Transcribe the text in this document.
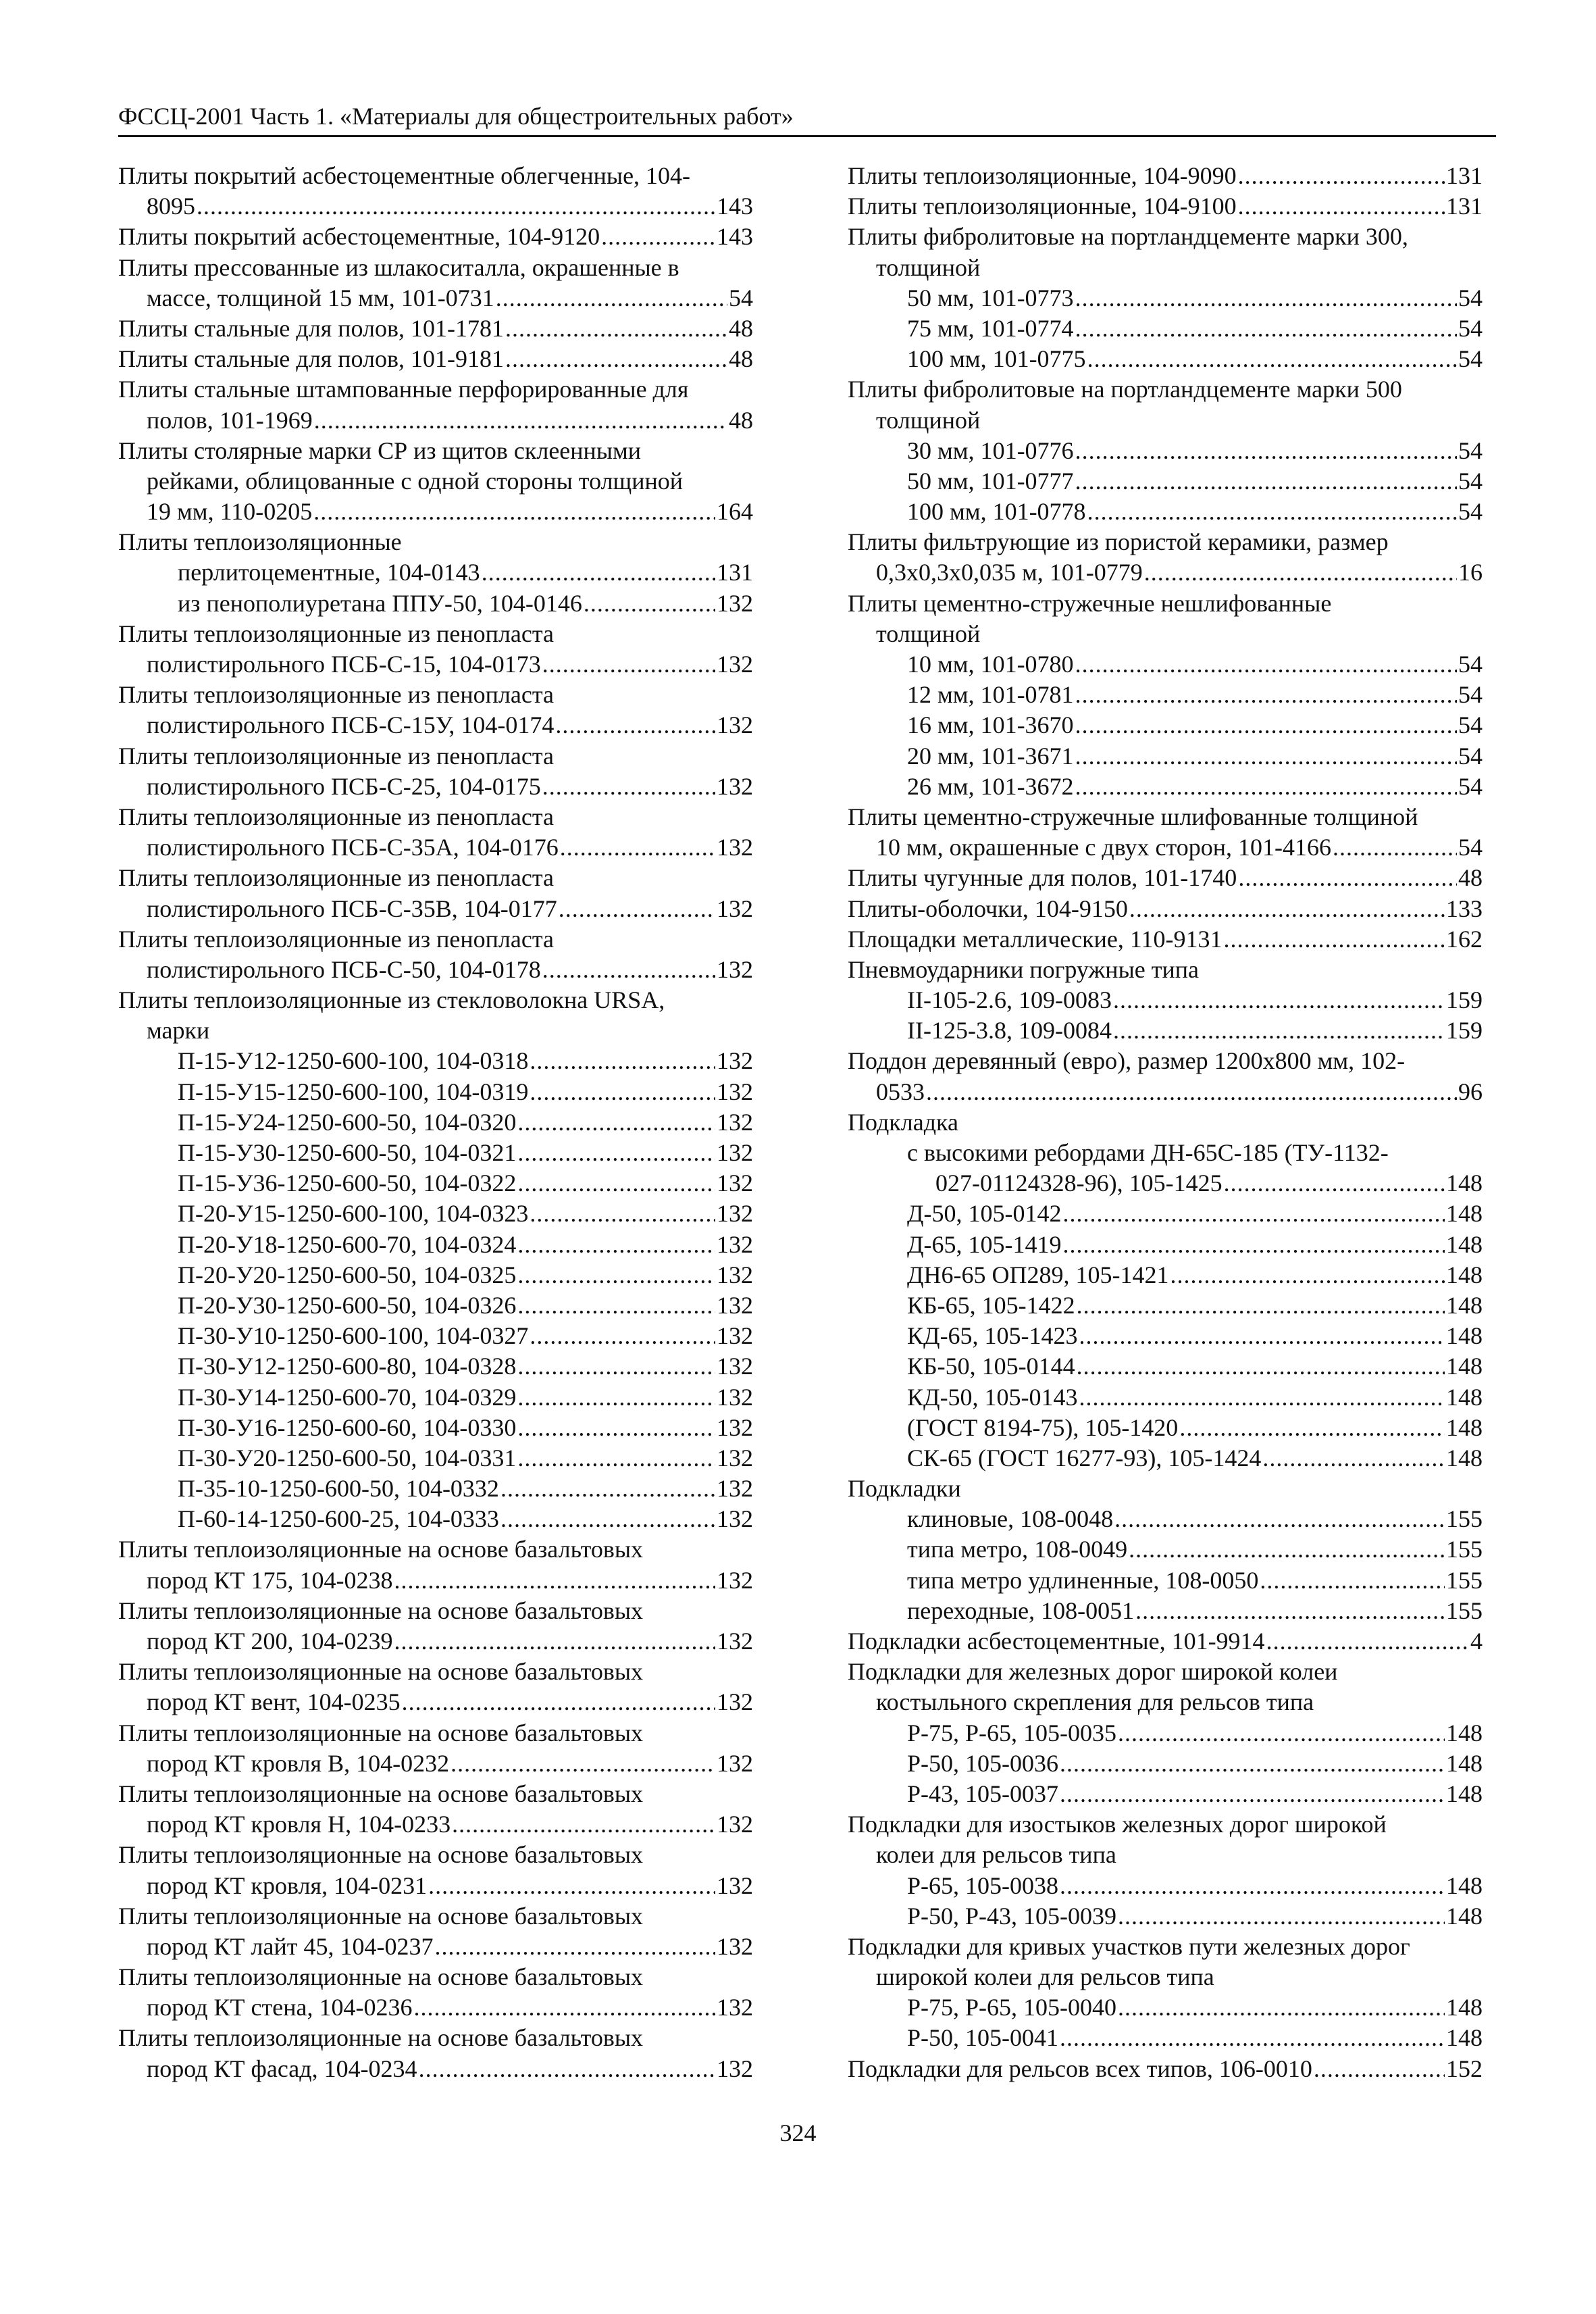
ФССЦ-2001 Часть 1. «Материалы для общестроительных работ»
Плиты покрытий асбестоцементные облегченные, 104-
8095 .....	143
Плиты покрытий асбестоцементные, 104-9120 .....	143
Плиты прессованные из шлакоситалла, окрашенные в
массе, толщиной 15 мм, 101-0731 .....	54
Плиты стальные для полов, 101-1781 .....	48
Плиты стальные для полов, 101-9181 .....	48
Плиты стальные штампованные перфорированные для
полов, 101-1969 .....	48
Плиты столярные марки СР из щитов склеенными
рейками, облицованные с одной стороны толщиной
19 мм, 110-0205 .....	164
Плиты теплоизоляционные
перлитоцементные, 104-0143 .....	131
из пенополиуретана ППУ-50, 104-0146 .....	132
Плиты теплоизоляционные из пенопласта
полистирольного ПСБ-С-15, 104-0173 .....	132
Плиты теплоизоляционные из пенопласта
полистирольного ПСБ-С-15У, 104-0174 .....	132
Плиты теплоизоляционные из пенопласта
полистирольного ПСБ-С-25, 104-0175 .....	132
Плиты теплоизоляционные из пенопласта
полистирольного ПСБ-С-35А, 104-0176 .....	132
Плиты теплоизоляционные из пенопласта
полистирольного ПСБ-С-35В, 104-0177 .....	132
Плиты теплоизоляционные из пенопласта
полистирольного ПСБ-С-50, 104-0178 .....	132
Плиты теплоизоляционные из стекловолокна URSA,
марки
П-15-У12-1250-600-100, 104-0318 .....	132
П-15-У15-1250-600-100, 104-0319 .....	132
П-15-У24-1250-600-50, 104-0320 .....	132
П-15-У30-1250-600-50, 104-0321 .....	132
П-15-У36-1250-600-50, 104-0322 .....	132
П-20-У15-1250-600-100, 104-0323 .....	132
П-20-У18-1250-600-70, 104-0324 .....	132
П-20-У20-1250-600-50, 104-0325 .....	132
П-20-У30-1250-600-50, 104-0326 .....	132
П-30-У10-1250-600-100, 104-0327 .....	132
П-30-У12-1250-600-80, 104-0328 .....	132
П-30-У14-1250-600-70, 104-0329 .....	132
П-30-У16-1250-600-60, 104-0330 .....	132
П-30-У20-1250-600-50, 104-0331 .....	132
П-35-10-1250-600-50, 104-0332 .....	132
П-60-14-1250-600-25, 104-0333 .....	132
Плиты теплоизоляционные на основе базальтовых
пород КТ 175, 104-0238 .....	132
Плиты теплоизоляционные на основе базальтовых
пород КТ 200, 104-0239 .....	132
Плиты теплоизоляционные на основе базальтовых
пород КТ вент, 104-0235 .....	132
Плиты теплоизоляционные на основе базальтовых
пород КТ кровля В, 104-0232 .....	132
Плиты теплоизоляционные на основе базальтовых
пород КТ кровля Н, 104-0233 .....	132
Плиты теплоизоляционные на основе базальтовых
пород КТ кровля, 104-0231 .....	132
Плиты теплоизоляционные на основе базальтовых
пород КТ лайт 45, 104-0237 .....	132
Плиты теплоизоляционные на основе базальтовых
пород КТ стена, 104-0236 .....	132
Плиты теплоизоляционные на основе базальтовых
пород КТ фасад, 104-0234 .....	132
Плиты теплоизоляционные, 104-9090 .....	131
Плиты теплоизоляционные, 104-9100 .....	131
Плиты фибролитовые на портландцементе марки 300,
толщиной
50 мм, 101-0773 .....	54
75 мм, 101-0774 .....	54
100 мм, 101-0775 .....	54
Плиты фибролитовые на портландцементе марки 500
толщиной
30 мм, 101-0776 .....	54
50 мм, 101-0777 .....	54
100 мм, 101-0778 .....	54
Плиты фильтрующие из пористой керамики, размер
0,3х0,3х0,035 м, 101-0779 .....	16
Плиты цементно-стружечные нешлифованные
толщиной
10 мм, 101-0780 .....	54
12 мм, 101-0781 .....	54
16 мм, 101-3670 .....	54
20 мм, 101-3671 .....	54
26 мм, 101-3672 .....	54
Плиты цементно-стружечные шлифованные толщиной
10 мм, окрашенные с двух сторон, 101-4166 .....	54
Плиты чугунные для полов, 101-1740 .....	48
Плиты-оболочки, 104-9150 .....	133
Площадки металлические, 110-9131 .....	162
Пневмоударники погружные типа
II-105-2.6, 109-0083 .....	159
II-125-3.8, 109-0084 .....	159
Поддон деревянный (евро), размер 1200х800 мм, 102-
0533 .....	96
Подкладка
с высокими ребордами ДН-65С-185 (ТУ-1132-
027-01124328-96), 105-1425 .....	148
Д-50, 105-0142 .....	148
Д-65, 105-1419 .....	148
ДН6-65 ОП289, 105-1421 .....	148
КБ-65, 105-1422 .....	148
КД-65, 105-1423 .....	148
КБ-50, 105-0144 .....	148
КД-50, 105-0143 .....	148
(ГОСТ 8194-75), 105-1420 .....	148
СК-65 (ГОСТ 16277-93), 105-1424 .....	148
Подкладки
клиновые, 108-0048 .....	155
типа метро, 108-0049 .....	155
типа метро удлиненные, 108-0050 .....	155
переходные, 108-0051 .....	155
Подкладки асбестоцементные, 101-9914 .....	4
Подкладки для железных дорог широкой колеи
костыльного скрепления для рельсов типа
Р-75, Р-65, 105-0035 .....	148
Р-50, 105-0036 .....	148
Р-43, 105-0037 .....	148
Подкладки для изостыков железных дорог широкой
колеи для рельсов типа
Р-65, 105-0038 .....	148
Р-50, Р-43, 105-0039 .....	148
Подкладки для кривых участков пути железных дорог
широкой колеи для рельсов типа
Р-75, Р-65, 105-0040 .....	148
Р-50, 105-0041 .....	148
Подкладки для рельсов всех типов, 106-0010 .....	152
324
